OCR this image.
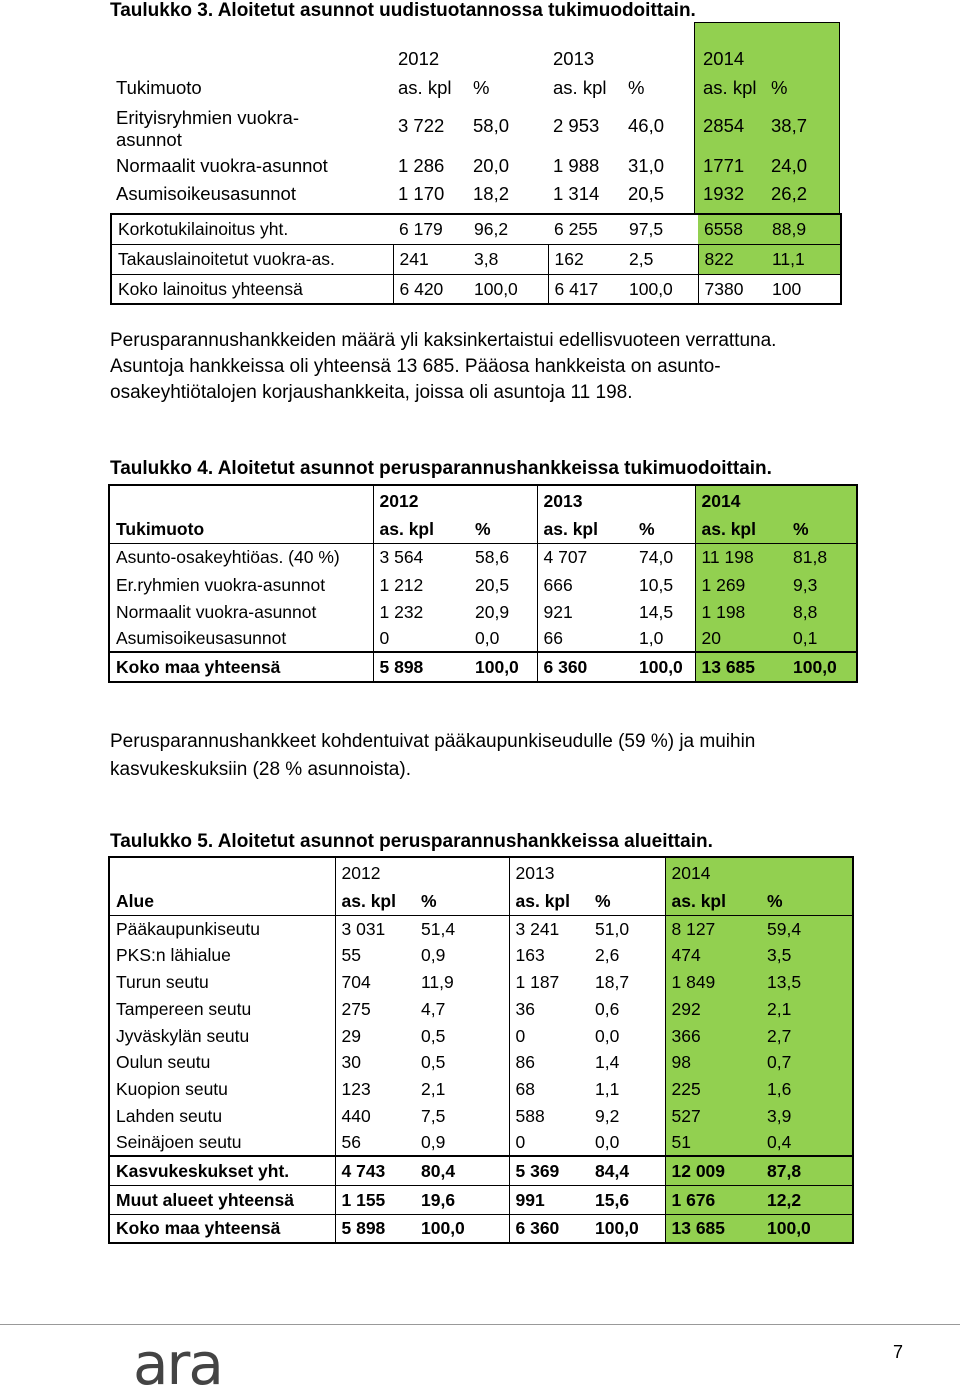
Taulukko 3. Aloitetut asunnot uudistuotannossa tukimuodoittain.
	2012		2013		2014	
Tukimuoto	as. kpl	%	as. kpl	%	as. kpl	%
Erityisryhmien vuokra-
asunnot	3 722	58,0	2 953	46,0	2854	38,7
Normaalit vuokra-asunnot	1 286	20,0	1 988	31,0	1771	24,0
Asumisoikeusasunnot	1 170	18,2	1 314	20,5	1932	26,2
Korkotukilainoitus yht.	6 179	96,2	6 255	97,5	6558	88,9
Takauslainoitetut vuokra-as.	241	3,8	162	2,5	822	11,1
Koko lainoitus yhteensä	6 420	100,0	6 417	100,0	7380	100
Perusparannushankkeiden määrä yli kaksinkertaistui edellisvuoteen verrattuna.
Asuntoja hankkeissa oli yhteensä 13 685. Pääosa hankkeista on asunto-
osakeyhtiötalojen korjaushankkeita, joissa oli asuntoja 11 198.
Taulukko 4. Aloitetut asunnot perusparannushankkeissa tukimuodoittain.
	2012		2013		2014	
Tukimuoto	as. kpl	%	as. kpl	%	as. kpl	%
Asunto-osakeyhtiöas. (40 %)	3 564	58,6	4 707	74,0	11 198	81,8
Er.ryhmien vuokra-asunnot	1 212	20,5	666	10,5	1 269	9,3
Normaalit vuokra-asunnot	1 232	20,9	921	14,5	1 198	8,8
Asumisoikeusasunnot	0	0,0	66	1,0	20	0,1
Koko maa yhteensä	5 898	100,0	6 360	100,0	13 685	100,0
Perusparannushankkeet kohdentuivat pääkaupunkiseudulle (59 %) ja muihin
kasvukeskuksiin (28 % asunnoista).
Taulukko 5. Aloitetut asunnot perusparannushankkeissa alueittain.
	2012		2013		2014	
Alue	as. kpl	%	as. kpl	%	as. kpl	%
Pääkaupunkiseutu	3 031	51,4	3 241	51,0	8 127	59,4
PKS:n lähialue	55	0,9	163	2,6	474	3,5
Turun seutu	704	11,9	1 187	18,7	1 849	13,5
Tampereen seutu	275	4,7	36	0,6	292	2,1
Jyväskylän seutu	29	0,5	0	0,0	366	2,7
Oulun seutu	30	0,5	86	1,4	98	0,7
Kuopion seutu	123	2,1	68	1,1	225	1,6
Lahden seutu	440	7,5	588	9,2	527	3,9
Seinäjoen seutu	56	0,9	0	0,0	51	0,4
Kasvukeskukset yht.	4 743	80,4	5 369	84,4	12 009	87,8
Muut alueet yhteensä	1 155	19,6	991	15,6	1 676	12,2
Koko maa yhteensä	5 898	100,0	6 360	100,0	13 685	100,0
7
ara
